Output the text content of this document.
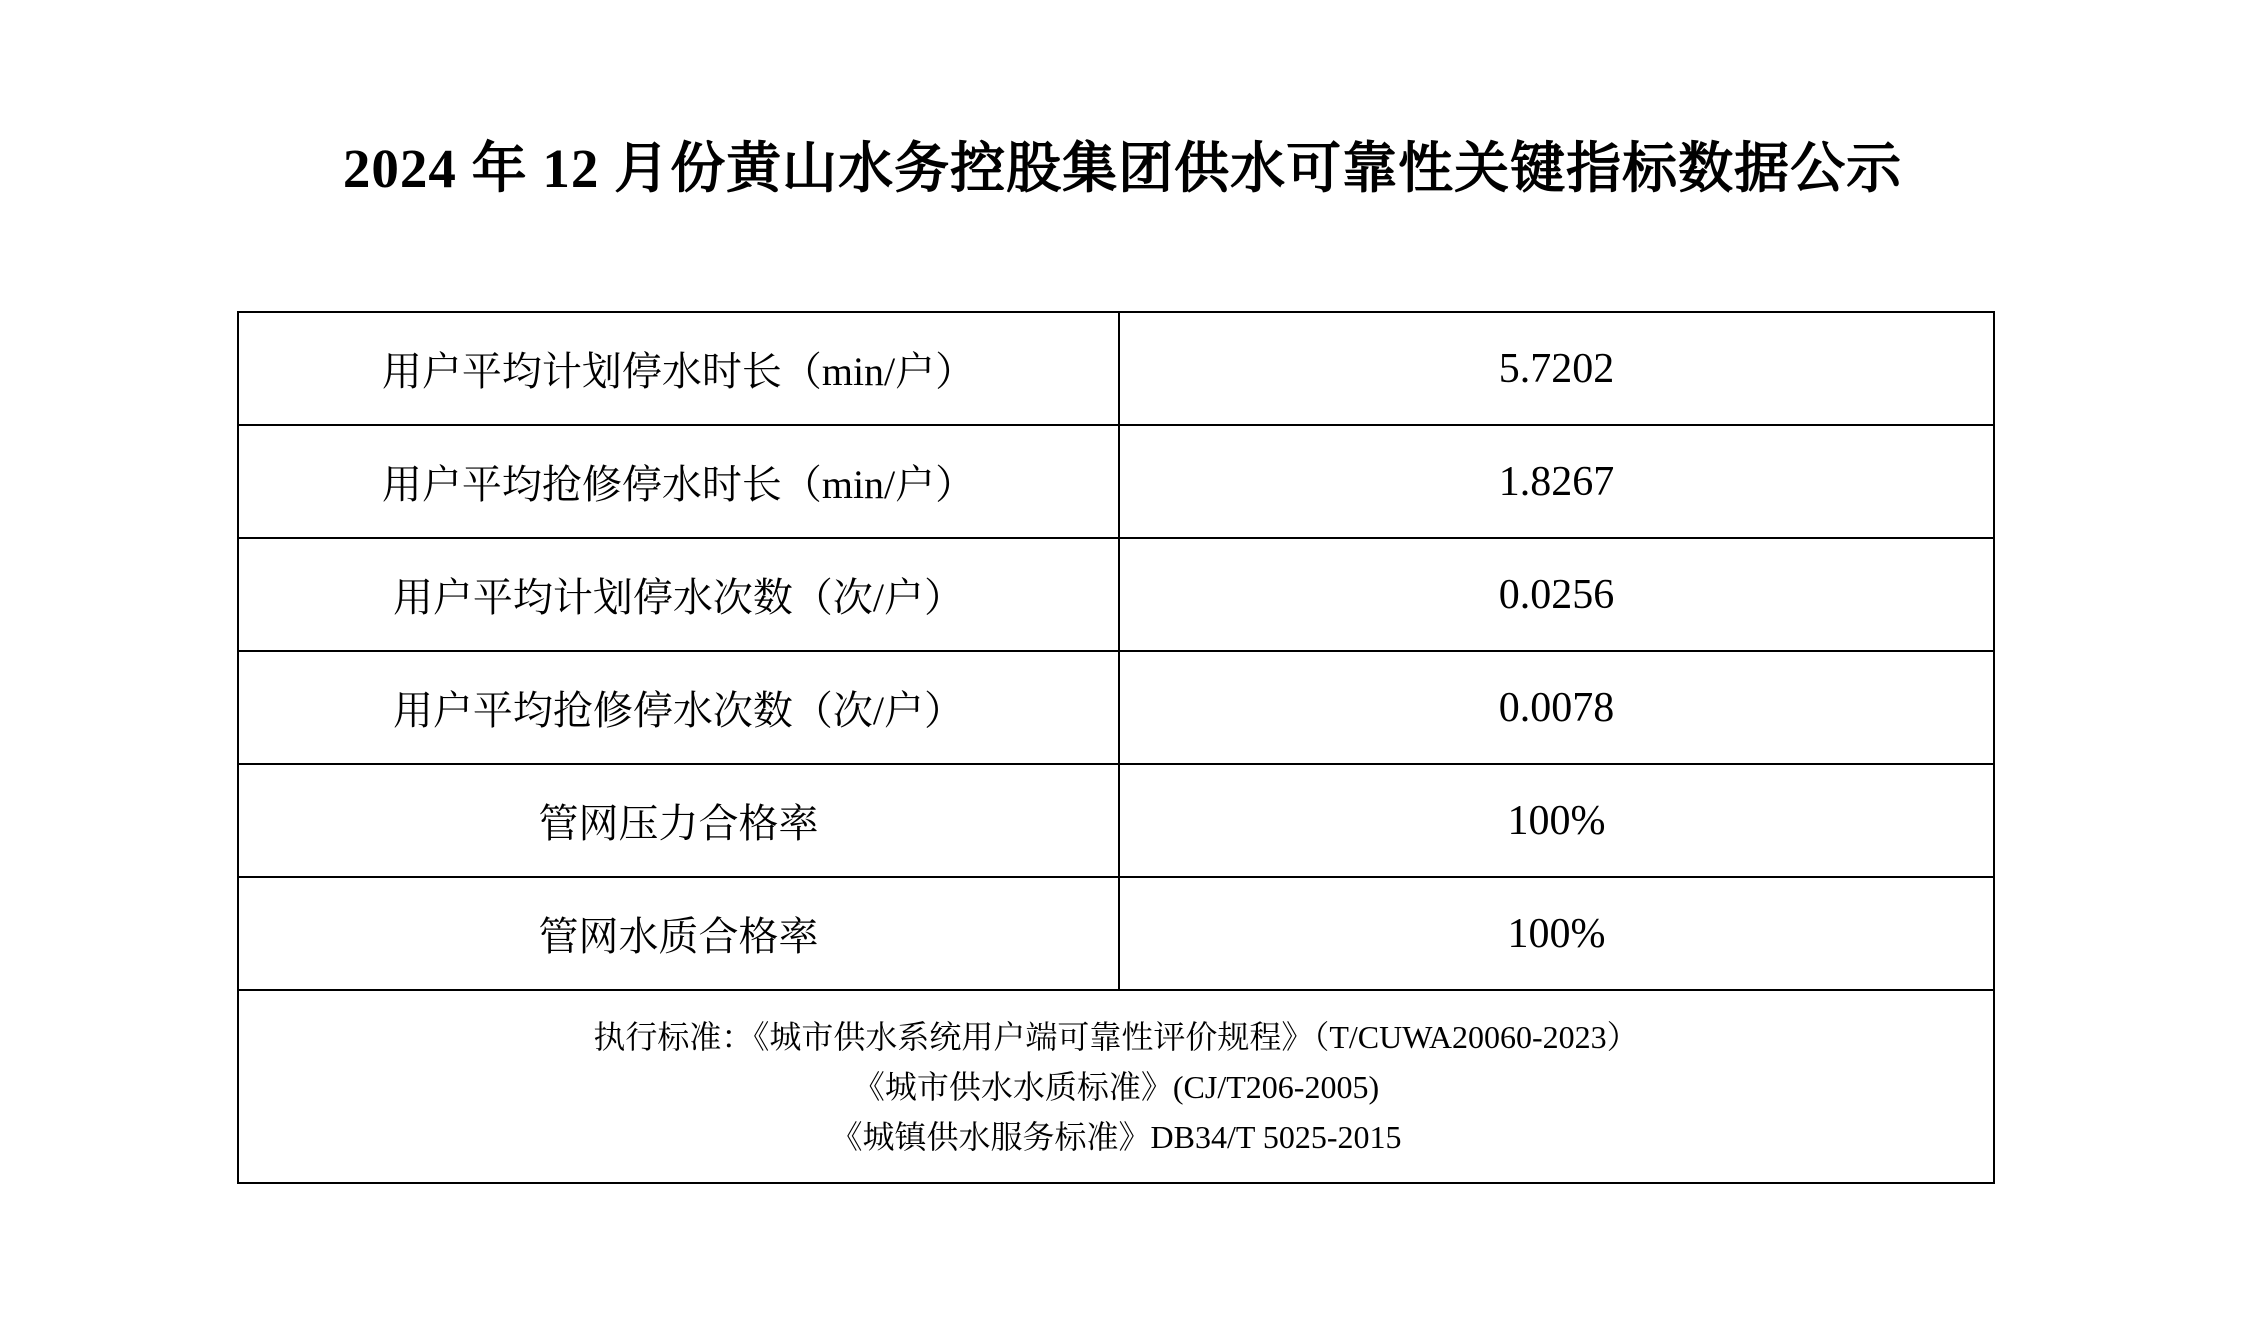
2024 年 12 月份黄山水务控股集团供水可靠性关键指标数据公示
用户平均计划停水时长（min/户）	5.7202
用户平均抢修停水时长（min/户）	1.8267
用户平均计划停水次数（次/户）	0.0256
用户平均抢修停水次数（次/户）	0.0078
管网压力合格率	100%
管网水质合格率	100%

执行标准：《城市供水系统用户端可靠性评价规程》（T/CUWA20060-2023）
《城市供水水质标准》(CJ/T206-2005)
《城镇供水服务标准》DB34/T 5025-2015	
